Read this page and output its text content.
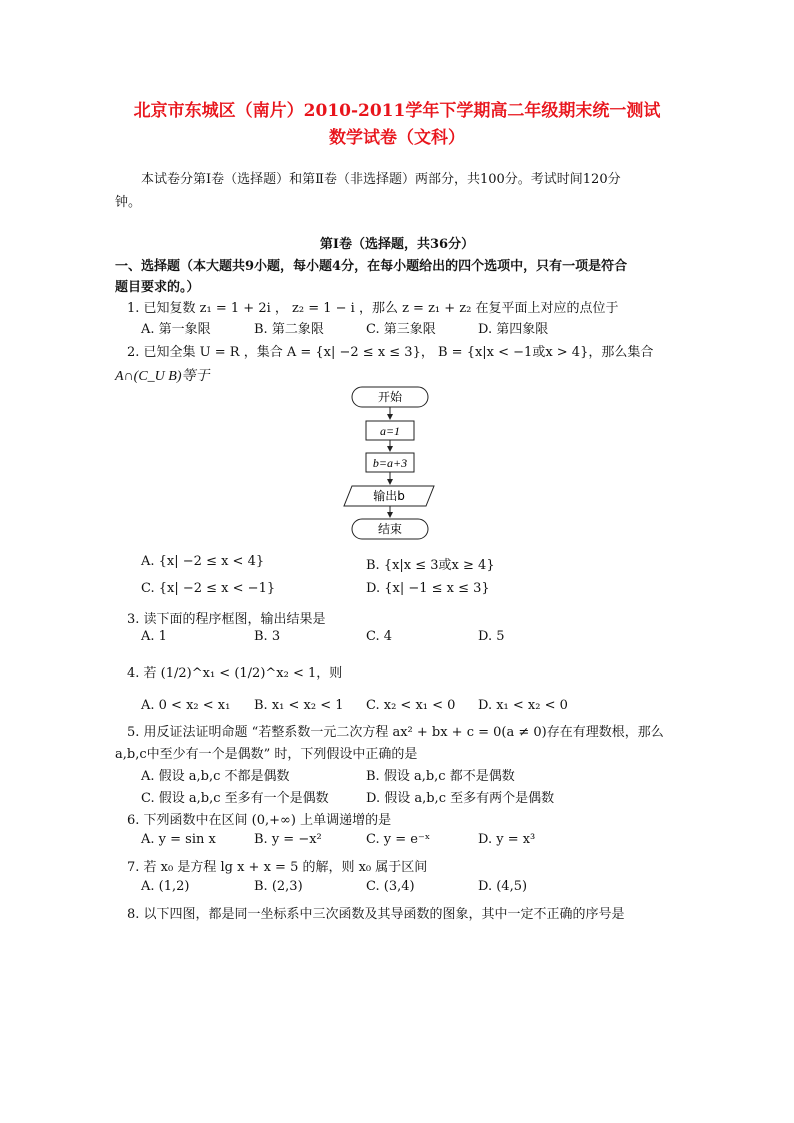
北京市东城区（南片）2010-2011学年下学期高二年级期末统一测试
数学试卷（文科）
本试卷分第Ⅰ卷（选择题）和第Ⅱ卷（非选择题）两部分，共100分。考试时间120分
钟。
第Ⅰ卷（选择题，共36分）
一、选择题（本大题共9小题，每小题4分，在每小题给出的四个选项中，只有一项是符合
题目要求的。）
1. 已知复数 z₁ = 1 + 2i ， z₂ = 1 − i ，那么 z = z₁ + z₂ 在复平面上对应的点位于
A. 第一象限	B. 第二象限	C. 第三象限	D. 第四象限
2. 已知全集 U = R ，集合 A = {x| −2 ≤ x ≤ 3}， B = {x|x < −1或x > 4}，那么集合
A∩(C_U B)等于
开始
a=1
b=a+3
输出b
结束
A. {x| −2 ≤ x < 4}	B. {x|x ≤ 3或x ≥ 4}
C. {x| −2 ≤ x < −1}	D. {x| −1 ≤ x ≤ 3}
3. 读下面的程序框图，输出结果是
A. 1	B. 3	C. 4	D. 5
4. 若 (1/2)^x₁ < (1/2)^x₂ < 1，则
A. 0 < x₂ < x₁ B. x₁ < x₂ < 1 C. x₂ < x₁ < 0 D. x₁ < x₂ < 0
5. 用反证法证明命题 “若整系数一元二次方程 ax² + bx + c = 0(a ≠ 0)存在有理数根，那么
a,b,c中至少有一个是偶数” 时，下列假设中正确的是
A. 假设 a,b,c 不都是偶数	B. 假设 a,b,c 都不是偶数
C. 假设 a,b,c 至多有一个是偶数	D. 假设 a,b,c 至多有两个是偶数
6. 下列函数中在区间 (0,+∞) 上单调递增的是
A. y = sin x	B. y = −x²	C. y = e⁻ˣ	D. y = x³
7. 若 x₀ 是方程 lg x + x = 5 的解，则 x₀ 属于区间
A. (1,2)	B. (2,3)	C. (3,4)	D. (4,5)
8. 以下四图，都是同一坐标系中三次函数及其导函数的图象，其中一定不正确的序号是
